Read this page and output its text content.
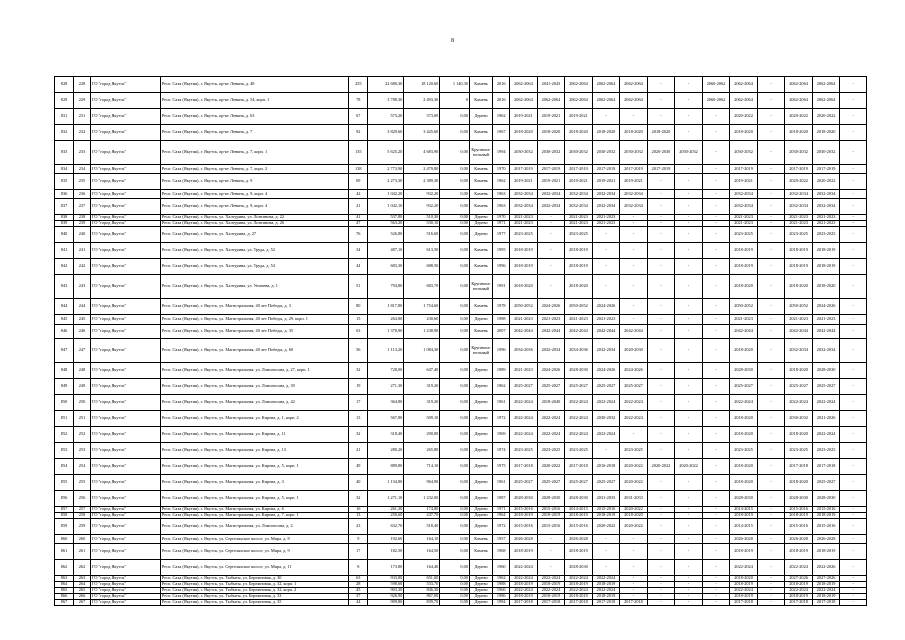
8
828	228	ГО "город Якутск"	Респ. Саха (Якутия), г. Якутск, пр-кт Ленина, д. 48	255	22 680,30	18 120,60	1 140,30	Камень	2016	2062-2064	2041-2043	2062-2064	2062-2064	2062-2064	-	-	2060-2062	2062-2064	-	2062-2064	2062-2064	-
829	229	ГО "город Якутск"	Респ. Саха (Якутия), г. Якутск, пр-кт Ленина, д. 54, корп. 1	78	3 788,30	2 493,30	0	Камень	2016	2062-2064	2062-2064	2062-2064	2062-2064	2062-2064	-	-	2060-2062	2062-2064	-	2062-2064	2062-2064	-
831	231	ГО "город Якутск"	Респ. Саха (Якутия), г. Якутск, пр-кт Ленина, д. 63	67	573,20	573,00	0,00	Дерево	1962	2019-2021	2019-2021	2019-2021	-	-	-	-	-	2020-2022	-	2020-2022	2020-2022	-
832	232	ГО "город Якутск"	Респ. Саха (Якутия), г. Якутск, пр-кт Ленина, д. 7	92	3 829,60	3 425,60	0,00	Камень	1967	2018-2020	2018-2020	2018-2020	2018-2020	2018-2020	2018-2020	-	-	2018-2020	-	2018-2020	2018-2020	-
833	233	ГО "город Якутск"	Респ. Саха (Якутия), г. Якутск, пр-кт Ленина, д. 7, корп. 1	135	5 625,20	4 683,90	0,00	Крупнопа- нельный	1994	2030-2032	2030-2032	2030-2032	2030-2032	2030-2032	2020-2030	2030-2032	-	2030-2032	-	2030-2032	2030-2032	-
834	234	ГО "город Якутск"	Респ. Саха (Якутия), г. Якутск, пр-кт Ленина, д. 7, корп. 2	138	2 773,90	2 479,80	0,00	Камень	1970	2017-2019	2017-2019	2017-2019	2017-2019	2017-2019	2017-2019	-	-	2017-2019	-	2017-2019	2017-2019	-
835	235	ГО "город Якутск"	Респ. Саха (Якутия), г. Якутск, пр-кт Ленина, д. 9	69	2 273,30	2 389,30	0,00	Камень	1962	2019-2021	2019-2021	2019-2021	2019-2021	2019-2021	-	-	-	2019-2021	-	2020-2022	2020-2022	-
836	236	ГО "город Якутск"	Респ. Саха (Якутия), г. Якутск, пр-кт Ленина, д. 9, корп. 4	42	1 042,20	932,20	0,00	Камень	1963	2032-2034	2032-2034	2032-2034	2032-2034	2032-2034	-	-	-	2032-2034	-	2032-2034	2032-2034	-
837	237	ГО "город Якутск"	Респ. Саха (Якутия), г. Якутск, пр-кт Ленина, д. 9, корп. 4	21	1 042,10	932,20	0,00	Камень	1963	2032-2034	2032-2034	2032-2034	2032-2034	2032-2034	-	-	-	2032-2034	-	2032-2034	2032-2034	-
838	238	ГО "город Якутск"	Респ. Саха (Якутия), г. Якутск, ул. Халтурина, ул. Лонгинова, д. 22	41	537,80	510,30	0,00	Дерево	1970	2021-2023	-	2021-2023	2021-2023	-	-	-	-	2021-2023	-	2021-2023	2021-2023	-
839	239	ГО "город Якутск"	Респ. Саха (Якутия), г. Якутск, ул. Халтурина, ул. Лонгинова, д. 26	47	563,20	530,10	0,00	Дерево	1971	2021-2023	-	2021-2023	2021-2023	-	-	-	-	2021-2023	-	2021-2023	2021-2023	-
840	240	ГО "город Якутск"	Респ. Саха (Якутия), г. Якутск, ул. Халтурина, д. 27	76	526,80	516,60	0,00	Дерево	1977	2023-2025	-	2023-2025	-	-	-	-	-	2023-2025	-	2023-2025	2023-2025	-
841	241	ГО "город Якутск"	Респ. Саха (Якутия), г. Якутск, ул. Халтурина, ул. Труда, д. 52	34	487,10	613,50	0,00	Камень	1995	2018-2019	-	2018-2019	-	-	-	-	-	2018-2019	-	2018-2019	2018-2019	-
842	242	ГО "город Якутск"	Респ. Саха (Якутия), г. Якутск, ул. Халтурина, ул. Труда, д. 54	44	683,30	688,50	0,00	Камень	1996	2018-2019	-	2018-2019	-	-	-	-	-	2018-2019	-	2018-2019	2018-2019	-
843	243	ГО "город Якутск"	Респ. Саха (Якутия), г. Якутск, ул. Халтурина, ул. Ушачева, д. 1	51	794,80	683,70	0,00	Крупнопа- нельный	1991	2018-2020	-	2018-2020	-	-	-	-	-	2018-2020	-	2018-2020	2018-2020	-
844	244	ГО "город Якутск"	Респ. Саха (Якутия), г. Якутск, ул. Магистральная, 40 лет Победы, д. 3	80	1 817,80	1 754,60	0,00	Камень	1978	2050-2052	2024-2026	2050-2052	2024-2026	-	-	-	-	2050-2052	-	2050-2052	2024-2026	-
845	245	ГО "город Якутск"	Респ. Саха (Якутия), г. Якутск, ул. Магистральная, 40 лет Победы, д. 29, корп. 1	15	264,80	230,60	0,00	Дерево	1988	2021-2023	2021-2023	2021-2023	2021-2023	-	-	-	-	2021-2023	-	2021-2023	2021-2023	-
846	246	ГО "город Якутск"	Респ. Саха (Якутия), г. Якутск, ул. Магистральная, 40 лет Победы, д. 35	63	1 378,90	1 238,90	0,00	Камень	2007	2042-2044	2042-2044	2042-2044	2042-2044	2042-2044	-	-	-	2042-2044	-	2042-2044	2042-2044	-
847	247	ГО "город Якутск"	Респ. Саха (Якутия), г. Якутск, ул. Магистральная, 40 лет Победы, д. 60	56	1 113,20	1 084,30	0,00	Крупнопа- нельный	1996	2034-2036	2032-2034	2034-2036	2032-2034	2020-2030	-	-	-	2018-2020	-	2032-2034	2032-2034	-
848	248	ГО "город Якутск"	Респ. Саха (Якутия), г. Якутск, ул. Магистральная, ул. Ломоносова, д. 27, корп. 1	32	728,00	647,40	0,00	Дерево	1989	2021-2023	2024-2026	2028-2030	2024-2026	2024-2026	-	-	-	2028-2030	-	2018-2020	2028-2030	-
849	249	ГО "город Якутск"	Респ. Саха (Якутия), г. Якутск, ул. Магистральная, ул. Ломоносова, д. 39	19	271,30	319,20	0,00	Дерево	1962	2025-2027	2025-2027	2025-2027	2025-2027	2025-2027	-	-	-	2025-2027	-	2025-2027	2025-2027	-
850	250	ГО "город Якутск"	Респ. Саха (Якутия), г. Якутск, ул. Магистральная, ул. Ломоносова, д. 42	17	364,80	319,20	0,00	Дерево	1961	2022-2024	2018-2040	2022-2024	2022-2024	2022-2024	-	-	-	2022-2024	-	2022-2024	2022-2024	-
851	251	ГО "город Якутск"	Респ. Саха (Якутия), г. Якутск, ул. Магистральная, ул. Кирова, д. 1, корп. 2	13	567,80	509,10	0,00	Дерево	1972	2022-2024	2022-2024	2022-2024	2030-2032	2022-2024	-	-	-	2018-2020	-	2030-2032	2021-2026	-
852	252	ГО "город Якутск"	Респ. Саха (Якутия), г. Якутск, ул. Магистральная, ул. Кирова, д. 11	32	318,40	290,00	0,00	Дерево	1969	2022-2024	2022-2024	2022-2024	2022-2024	-	-	-	-	2018-2020	-	2018-2020	2022-2024	-
853	253	ГО "город Якутск"	Респ. Саха (Якутия), г. Якутск, ул. Магистральная, ул. Кирова, д. 13	21	280,20	265,80	0,00	Дерево	1974	2023-2025	2023-2025	2023-2025	-	2023-2025	-	-	-	2023-2025	-	2023-2025	2023-2025	-
854	254	ГО "город Якутск"	Респ. Саха (Якутия), г. Якутск, ул. Магистральная, ул. Кирова, д. 5, корп. 1	49	889,80	714,10	0,00	Дерево	1975	2017-2018	2020-2022	2017-2018	2016-2018	2020-2022	2020-2022	2020-2022	-	2018-2020	-	2017-2018	2017-2018	-
855	255	ГО "город Якутск"	Респ. Саха (Якутия), г. Якутск, ул. Магистральная, ул. Кирова, д. 3	40	1 134,80	964,90	0,00	Дерево	1961	2025-2027	2025-2027	2025-2027	2025-2027	2020-2022	-	-	-	2018-2020	-	2018-2020	2025-2027	-
856	256	ГО "город Якутск"	Респ. Саха (Якутия), г. Якутск, ул. Магистральная, ул. Кирова, д. 5, корп. 1	32	1 271,10	1 232,00	0,00	Дерево	1987	2028-2030	2028-2030	2028-2030	2031-2033	2031-2033	-	-	-	2028-2030	-	2028-2030	2028-2030	-
857	257	ГО "город Якутск"	Респ. Саха (Якутия), г. Якутск, ул. Магистральная, ул. Кирова, д. 6	16	261,30	174,80	0,00	Дерево	1971	2015-2016	2015-2016	2014-2015	2015-2016	2020-2022	-	-	-	2014-2015	-	2015-2016	2015-2016	-
858	258	ГО "город Якутск"	Респ. Саха (Якутия), г. Якутск, ул. Магистральная, ул. Кирова, д. 7, корп. 1	13	250,60	247,70	0,00	Дерево	1964	2018-2019	2018-2019	2018-2019	2018-2019	2018-2020	-	-	-	2018-2019	-	2018-2019	2018-2019	-
859	259	ГО "город Якутск"	Респ. Саха (Якутия), г. Якутск, ул. Магистральная, ул. Ломоносова, д. 2	23	632,70	518,40	0,00	Дерево	1972	2015-2016	2015-2016	2015-2016	2020-2022	2020-2022	-	-	-	2014-2015	-	2015-2016	2015-2016	-
860	260	ГО "город Якутск"	Респ. Саха (Якутия), г. Якутск, ул. Сергеляхское шоссе, ул. Мира, д. 8	9	192,60	164,10	0,00	Камень	1957	2026-2028	-	2026-2028	-	-	-	-	-	2026-2028	-	2026-2028	2026-2028	-
861	261	ГО "город Якутск"	Респ. Саха (Якутия), г. Якутск, ул. Сергеляхское шоссе, ул. Мира, д. 9	17	182,50	164,50	0,00	Камень	1968	2018-2019	-	2018-2019	-	-	-	-	-	2018-2019	-	2018-2019	2018-2019	-
862	262	ГО "город Якутск"	Респ. Саха (Якутия), г. Якутск, ул. Сергеляхское шоссе, ул. Мира, д. 11	8	173,80	164,40	0,00	Дерево	1960	2022-2024	-	2028-2030	-	-	-	-	-	2022-2024	-	2022-2024	2022-2026	-
863	263	ГО "город Якутск"	Респ. Саха (Якутия), г. Якутск, ул. Тыбыты, ул. Бережновая, д. 30	63	933,80	651,00	0,00	Дерево	1962	2022-2024	2022-2024	2022-2024	2022-2024	-	-	-	-	2018-2020	-	2027-2026	2027-2026	-
864	264	ГО "город Якутск"	Респ. Саха (Якутия), г. Якутск, ул. Тыбыты, ул. Бережновая, д. 32, корп. 1	28	598,60	533,70	0,00	Дерево	1988	2018-2019	2018-2019	2018-2019	2018-2019	-	-	-	-	2018-2019	-	2018-2019	2018-2019	-
865	265	ГО "город Якутск"	Респ. Саха (Якутия), г. Якутск, ул. Тыбыты, ул. Бережновая, д. 32, корп. 2	45	903,30	846,30	0,00	Дерево	1966	2022-2024	2022-2024	2022-2024	2022-2024	-	-	-	-	2022-2024	-	2022-2024	2022-2024	-
866	266	ГО "город Якутск"	Респ. Саха (Якутия), г. Якутск, ул. Тыбыты, ул. Бережновая, д. 33	37	926,90	867,00	0,00	Дерево	1986	2018-2019	2018-2019	2018-2019	2018-2019	-	-	-	-	2018-2019	-	2018-2019	2018-2019	-
867	267	ГО "город Якутск"	Респ. Саха (Якутия), г. Якутск, ул. Тыбыты, ул. Бережновая, д. 35	44	909,80	839,70	0,00	Дерево	1984	2017-2018	2017-2018	2017-2018	2017-2018	2017-2018	-	-	-	2017-2018	-	2017-2018	2017-2018	-
